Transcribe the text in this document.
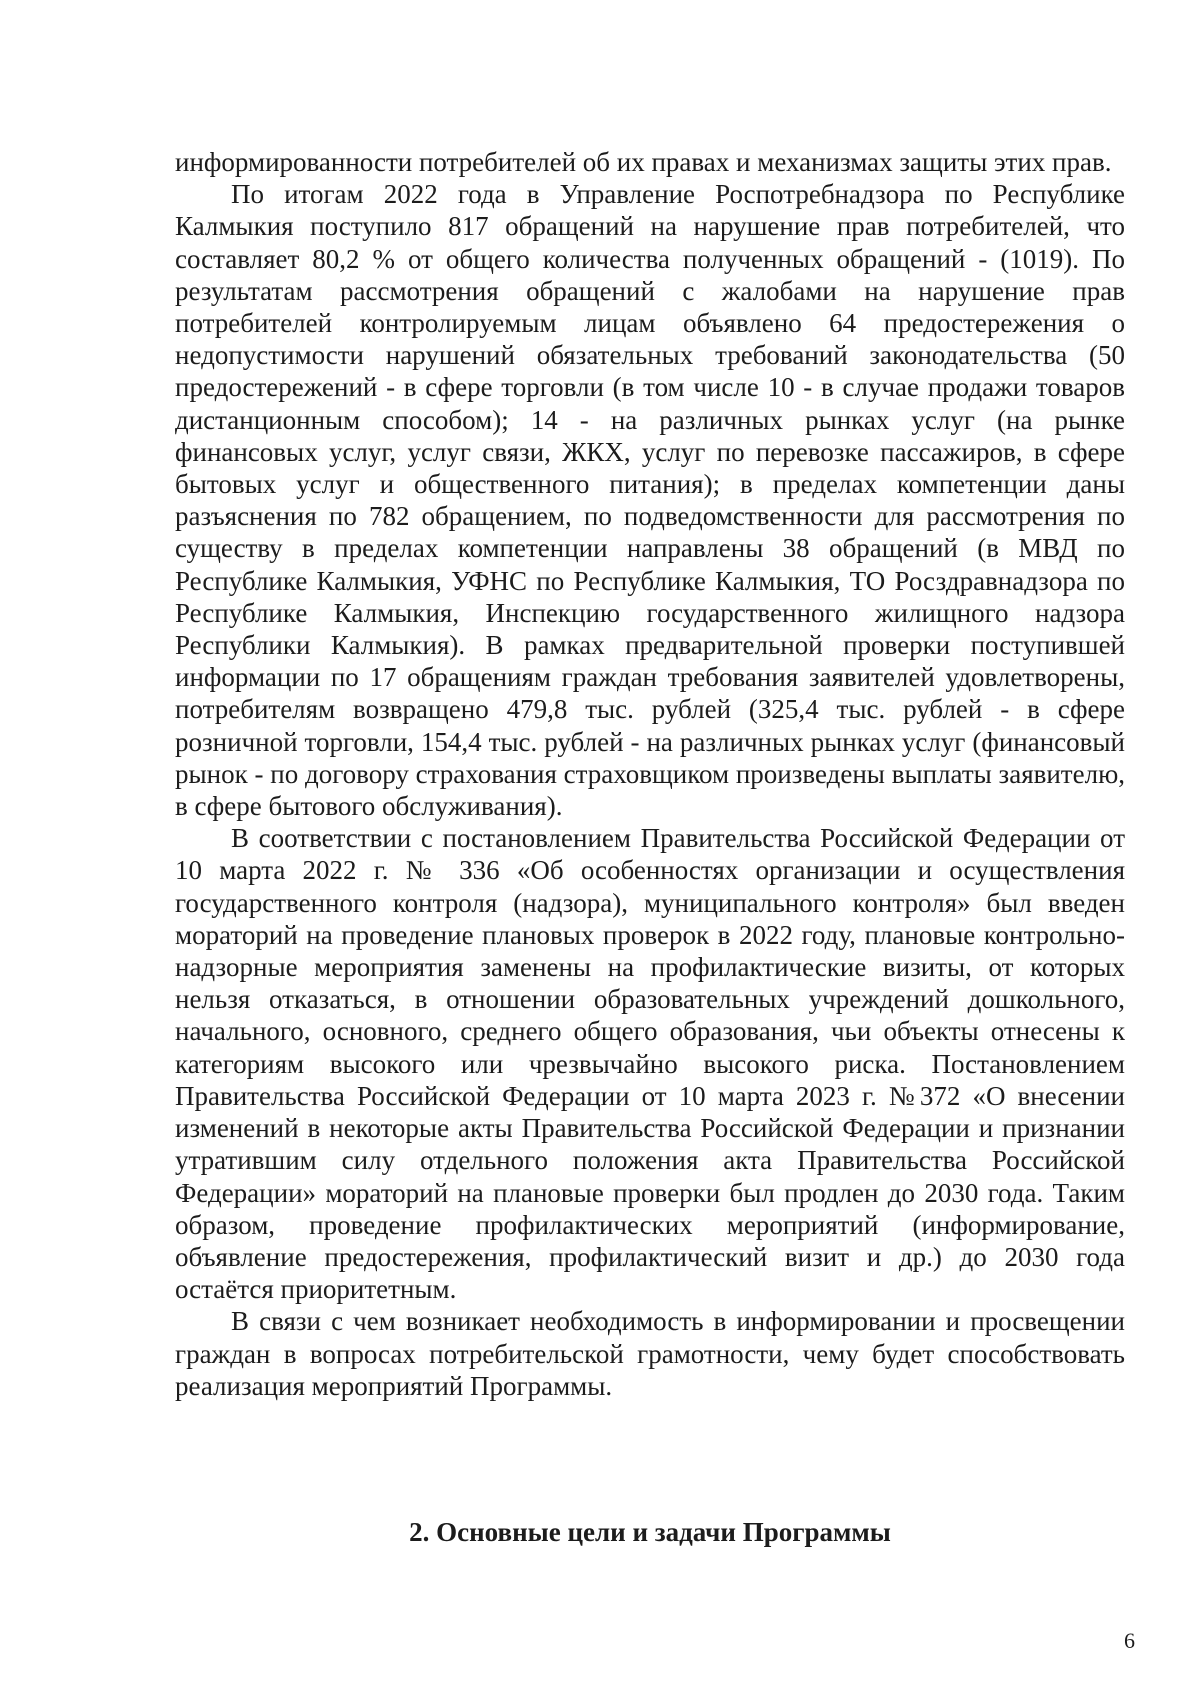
информированности потребителей об их правах и механизмах защиты этих прав.

По итогам 2022 года в Управление Роспотребнадзора по Республике Калмыкия поступило 817 обращений на нарушение прав потребителей, что составляет 80,2 % от общего количества полученных обращений - (1019). По результатам рассмотрения обращений с жалобами на нарушение прав потребителей контролируемым лицам объявлено 64 предостережения о недопустимости нарушений обязательных требований законодательства (50 предостережений - в сфере торговли (в том числе 10 - в случае продажи товаров дистанционным способом); 14 - на различных рынках услуг (на рынке финансовых услуг, услуг связи, ЖКХ, услуг по перевозке пассажиров, в сфере бытовых услуг и общественного питания); в пределах компетенции даны разъяснения по 782 обращением, по подведомственности для рассмотрения по существу в пределах компетенции направлены 38 обращений (в МВД по Республике Калмыкия, УФНС по Республике Калмыкия, ТО Росздравнадзора по Республике Калмыкия, Инспекцию государственного жилищного надзора Республики Калмыкия). В рамках предварительной проверки поступившей информации по 17 обращениям граждан требования заявителей удовлетворены, потребителям возвращено 479,8 тыс. рублей (325,4 тыс. рублей - в сфере розничной торговли, 154,4 тыс. рублей - на различных рынках услуг (финансовый рынок - по договору страхования страховщиком произведены выплаты заявителю, в сфере бытового обслуживания).

В соответствии с постановлением Правительства Российской Федерации от 10 марта 2022 г. № 336 «Об особенностях организации и осуществления государственного контроля (надзора), муниципального контроля» был введен мораторий на проведение плановых проверок в 2022 году, плановые контрольно-надзорные мероприятия заменены на профилактические визиты, от которых нельзя отказаться, в отношении образовательных учреждений дошкольного, начального, основного, среднего общего образования, чьи объекты отнесены к категориям высокого или чрезвычайно высокого риска. Постановлением Правительства Российской Федерации от 10 марта 2023 г. №372 «О внесении изменений в некоторые акты Правительства Российской Федерации и признании утратившим силу отдельного положения акта Правительства Российской Федерации» мораторий на плановые проверки был продлен до 2030 года. Таким образом, проведение профилактических мероприятий (информирование, объявление предостережения, профилактический визит и др.) до 2030 года остаётся приоритетным.

В связи с чем возникает необходимость в информировании и просвещении граждан в вопросах потребительской грамотности, чему будет способствовать реализация мероприятий Программы.

2. Основные цели и задачи Программы
6
